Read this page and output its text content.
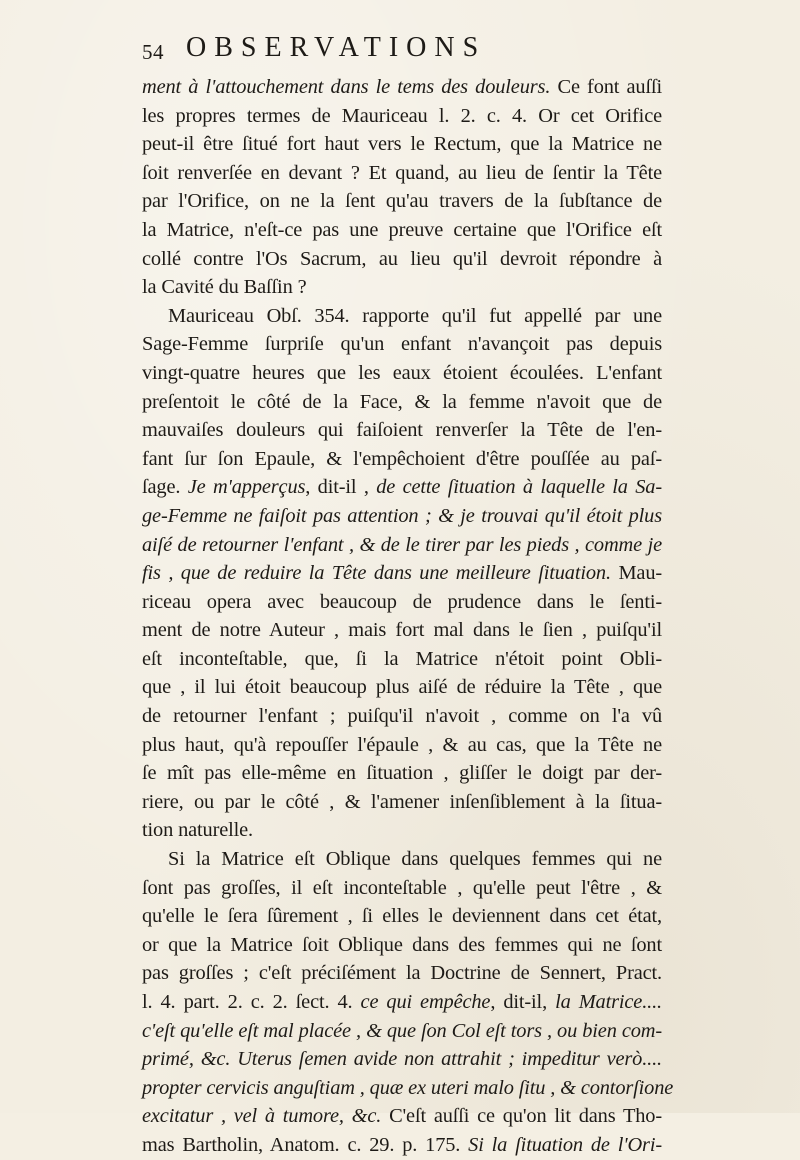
54 OBSERVATIONS
ment à l'attouchement dans le tems des douleurs. Ce font auſſi
les propres termes de Mauriceau l. 2. c. 4. Or cet Orifice
peut-il être ſitué fort haut vers le Rectum, que la Matrice ne
ſoit renverſée en devant ? Et quand, au lieu de ſentir la Tête
par l'Orifice, on ne la ſent qu'au travers de la ſubſtance de
la Matrice, n'eſt-ce pas une preuve certaine que l'Orifice eſt
collé contre l'Os Sacrum, au lieu qu'il devroit répondre à
la Cavité du Baſſin ?
Mauriceau Obſ. 354. rapporte qu'il fut appellé par une
Sage-Femme ſurpriſe qu'un enfant n'avançoit pas depuis
vingt-quatre heures que les eaux étoient écoulées. L'enfant
preſentoit le côté de la Face, & la femme n'avoit que de
mauvaiſes douleurs qui faiſoient renverſer la Tête de l'en-
fant ſur ſon Epaule, & l'empêchoient d'être pouſſée au paſ-
ſage. Je m'apperçus, dit-il , de cette ſituation à laquelle la Sa-
ge-Femme ne faiſoit pas attention ; & je trouvai qu'il étoit plus
aiſé de retourner l'enfant , & de le tirer par les pieds , comme je
fis , que de reduire la Tête dans une meilleure ſituation. Mau-
riceau opera avec beaucoup de prudence dans le ſenti-
ment de notre Auteur , mais fort mal dans le ſien , puiſqu'il
eſt inconteſtable, que, ſi la Matrice n'étoit point Obli-
que , il lui étoit beaucoup plus aiſé de réduire la Tête , que
de retourner l'enfant ; puiſqu'il n'avoit , comme on l'a vû
plus haut, qu'à repouſſer l'épaule , & au cas, que la Tête ne
ſe mît pas elle-même en ſituation , gliſſer le doigt par der-
riere, ou par le côté , & l'amener inſenſiblement à la ſitua-
tion naturelle.
Si la Matrice eſt Oblique dans quelques femmes qui ne
ſont pas groſſes, il eſt inconteſtable , qu'elle peut l'être , &
qu'elle le ſera ſûrement , ſi elles le deviennent dans cet état,
or que la Matrice ſoit Oblique dans des femmes qui ne ſont
pas groſſes ; c'eſt préciſément la Doctrine de Sennert, Pract.
l. 4. part. 2. c. 2. ſect. 4. ce qui empêche, dit-il, la Matrice....
c'eſt qu'elle eſt mal placée , & que ſon Col eſt tors , ou bien com-
primé, &c. Uterus ſemen avide non attrahit ; impeditur verò....
propter cervicis anguſtiam , quæ ex uteri malo ſitu , & contorſione
excitatur , vel à tumore, &c. C'eſt auſſi ce qu'on lit dans Tho-
mas Bartholin, Anatom. c. 29. p. 175. Si la ſituation de l'Ori-
